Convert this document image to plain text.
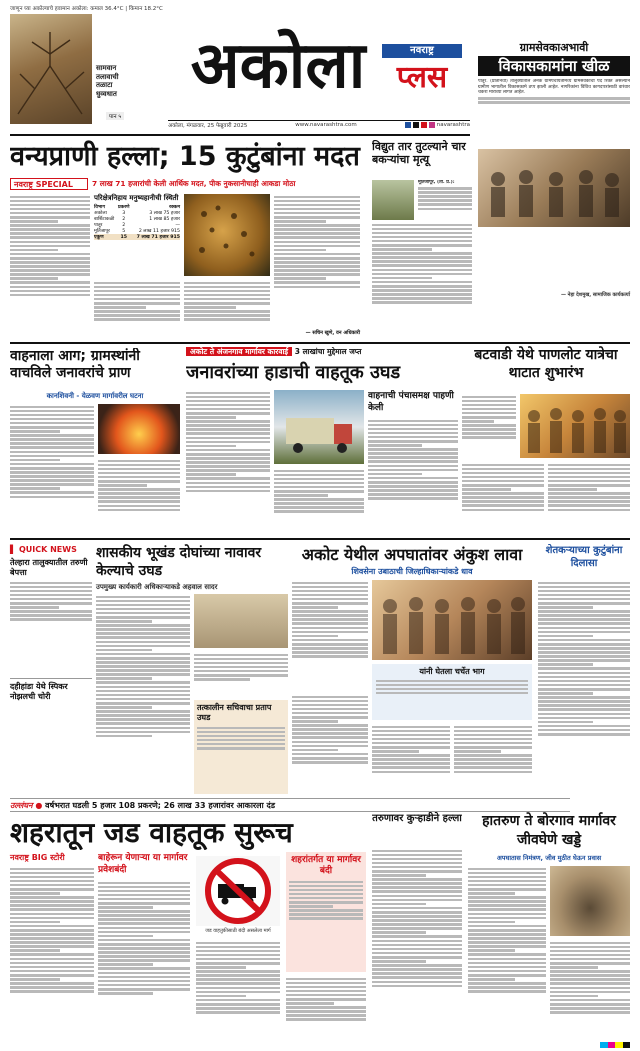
जाणून घ्या अकोल्याचे हवामान अकोला: कमाल 36.4°C | किमान 18.2°C
सामवान
तलावाची
तळाटा
धुव्वधात
पान ५
अकोला	नवराष्ट्र
प्लस
अकोला, मंगळवार, 25 फेब्रुवारी 2025	www.navarashtra.com	navarashtra
ग्रामसेवकाअभावी
विकासकामांना खीळ
पातूर. (प्रतिनिधी) तालुक्यातील अनेक ग्रामपंचायतींमध्ये ग्रामसेवकांची पदे रिक्त असल्याने ग्रामीण भागातील विकासकामे ठप्प झाली आहेत. नागरिकांना विविध कागदपत्रांसाठी वारंवार चकरा माराव्या लागत आहेत.
— नेहा देशमुख, सामाजिक कार्यकर्त्या
वन्यप्राणी हल्ला; 15 कुटुंबांना मदत
नवराष्ट्र SPECIAL	7 लाख 71 हजारांची केली आर्थिक मदत, पीक नुकसानीचाही आकडा मोठा
परिक्षेत्रनिहाय मनुष्यहानीची स्थिती
विभाग	प्रकरणे	रक्कम
अकोला	3	3 लाख 75 हजार
बार्शिटाकळी	2	1 लाख 85 हजार
पातूर	2	—
मूर्तिजापूर	5	2 लाख 11 हजार 915
एकूण	15	7 लाख 71 हजार 915
— सचिन खुणे, वन अधिकारी
विद्युत तार तुटल्याने चार बकऱ्यांचा मृत्यू
मूर्तिजापूर, (ता. प्र.):
वाहनाला आग; ग्रामस्थांनी वाचविले जनावरांचे प्राण
कानशिवनी - येळवण मार्गावरील घटना
अकोट ते अंजनगाव मार्गावर कारवाई 3 लाखांचा मुद्देमाल जप्त
जनावरांच्या हाडाची वाहतूक उघड
वाहनाची पंचासमक्ष पाहणी केली
बटवाडी येथे पाणलोट यात्रेचा थाटात शुभारंभ
▌ QUICK NEWS
तेल्हारा तालुक्यातील तरुणी बेपत्ता
दहीहांडा येथे स्पिकर नोझलची चोरी
शासकीय भूखंड दोघांच्या नावावर केल्याचे उघड
उपमुख्य कार्यकारी अधिकाऱ्याकडे अहवाल सादर
तत्कालीन सचिवाचा प्रताप उघड
अकोट येथील अपघातांवर अंकुश लावा
शिवसेना उबाठाची जिल्हाधिकाऱ्यांकडे धाव
यांनी घेतला चर्चेत भाग
शेतकऱ्याच्या कुटुंबांना दिलासा
उल्लंघन ● वर्षभरात घडली 5 हजार 108 प्रकरणे; 26 लाख 33 हजारांवर आकारला दंड
शहरातून जड वाहतूक सुरूच
नवराष्ट्र BIG स्टोरी	बाहेरून येणाऱ्या या मार्गावर प्रवेशबंदी
जड वाहतुकीसाठी बंदी असलेला मार्ग
शहरांतर्गत या मार्गावर बंदी
तरुणावर कुऱ्हाडीने हल्ला	हातरुण ते बोरगाव मार्गावर जीवघेणे खड्डे
अपघातास निमंत्रण, जीव मुठीत घेऊन प्रवास
